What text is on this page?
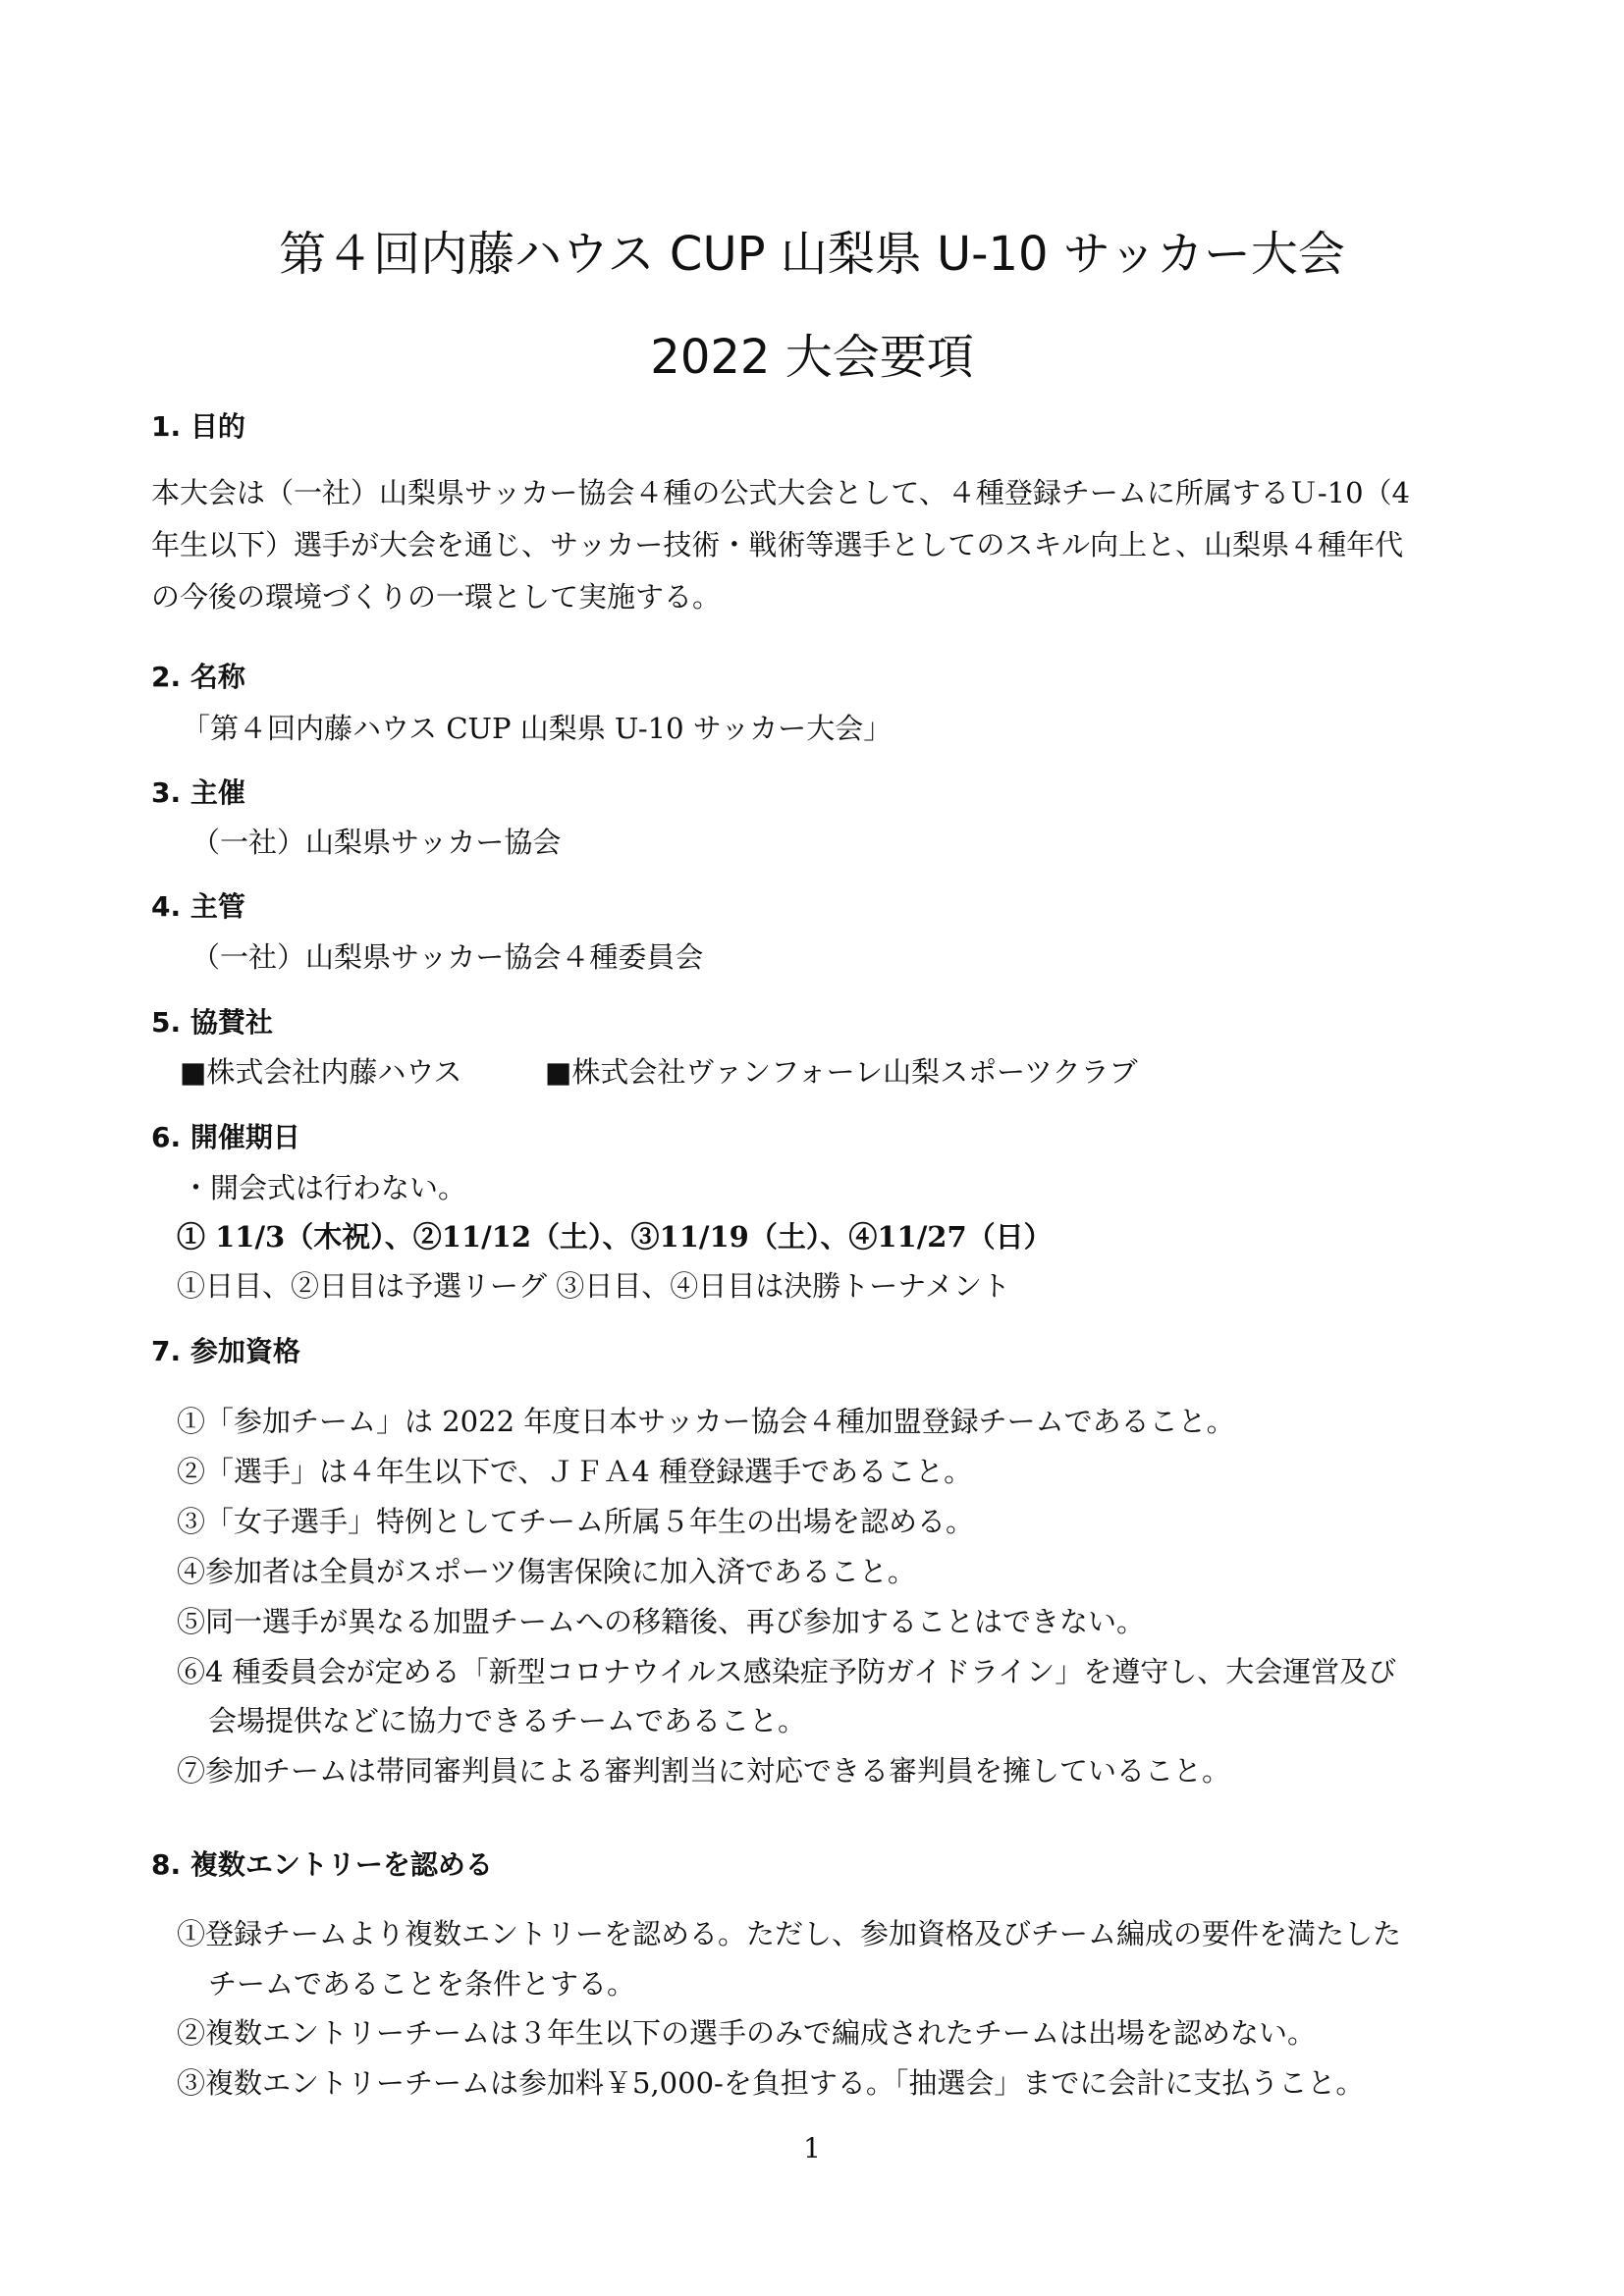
第４回内藤ハウス CUP 山梨県 U-10 サッカー大会
2022 大会要項
1. 目的
本大会は（一社）山梨県サッカー協会４種の公式大会として、４種登録チームに所属するＵ-10（4
年生以下）選手が大会を通じ、サッカー技術・戦術等選手としてのスキル向上と、山梨県４種年代
の今後の環境づくりの一環として実施する。
2. 名称
「第４回内藤ハウス CUP 山梨県 U-10 サッカー大会」
3. 主催
（一社）山梨県サッカー協会
4. 主管
（一社）山梨県サッカー協会４種委員会
5. 協賛社
■株式会社内藤ハウス	■株式会社ヴァンフォーレ山梨スポーツクラブ
6. 開催期日
・開会式は行わない。
① 11/3（木祝）、②11/12（土）、③11/19（土）、④11/27（日）
①日目、②日目は予選リーグ ③日目、④日目は決勝トーナメント
7. 参加資格
①「参加チーム」は 2022 年度日本サッカー協会４種加盟登録チームであること。
②「選手」は４年生以下で、ＪＦＡ4 種登録選手であること。
③「女子選手」特例としてチーム所属５年生の出場を認める。
④参加者は全員がスポーツ傷害保険に加入済であること。
⑤同一選手が異なる加盟チームへの移籍後、再び参加することはできない。
⑥4 種委員会が定める「新型コロナウイルス感染症予防ガイドライン」を遵守し、大会運営及び
会場提供などに協力できるチームであること。
⑦参加チームは帯同審判員による審判割当に対応できる審判員を擁していること。
8. 複数エントリーを認める
①登録チームより複数エントリーを認める。ただし、参加資格及びチーム編成の要件を満たした
チームであることを条件とする。
②複数エントリーチームは３年生以下の選手のみで編成されたチームは出場を認めない。
③複数エントリーチームは参加料￥5,000-を負担する。「抽選会」までに会計に支払うこと。
1
